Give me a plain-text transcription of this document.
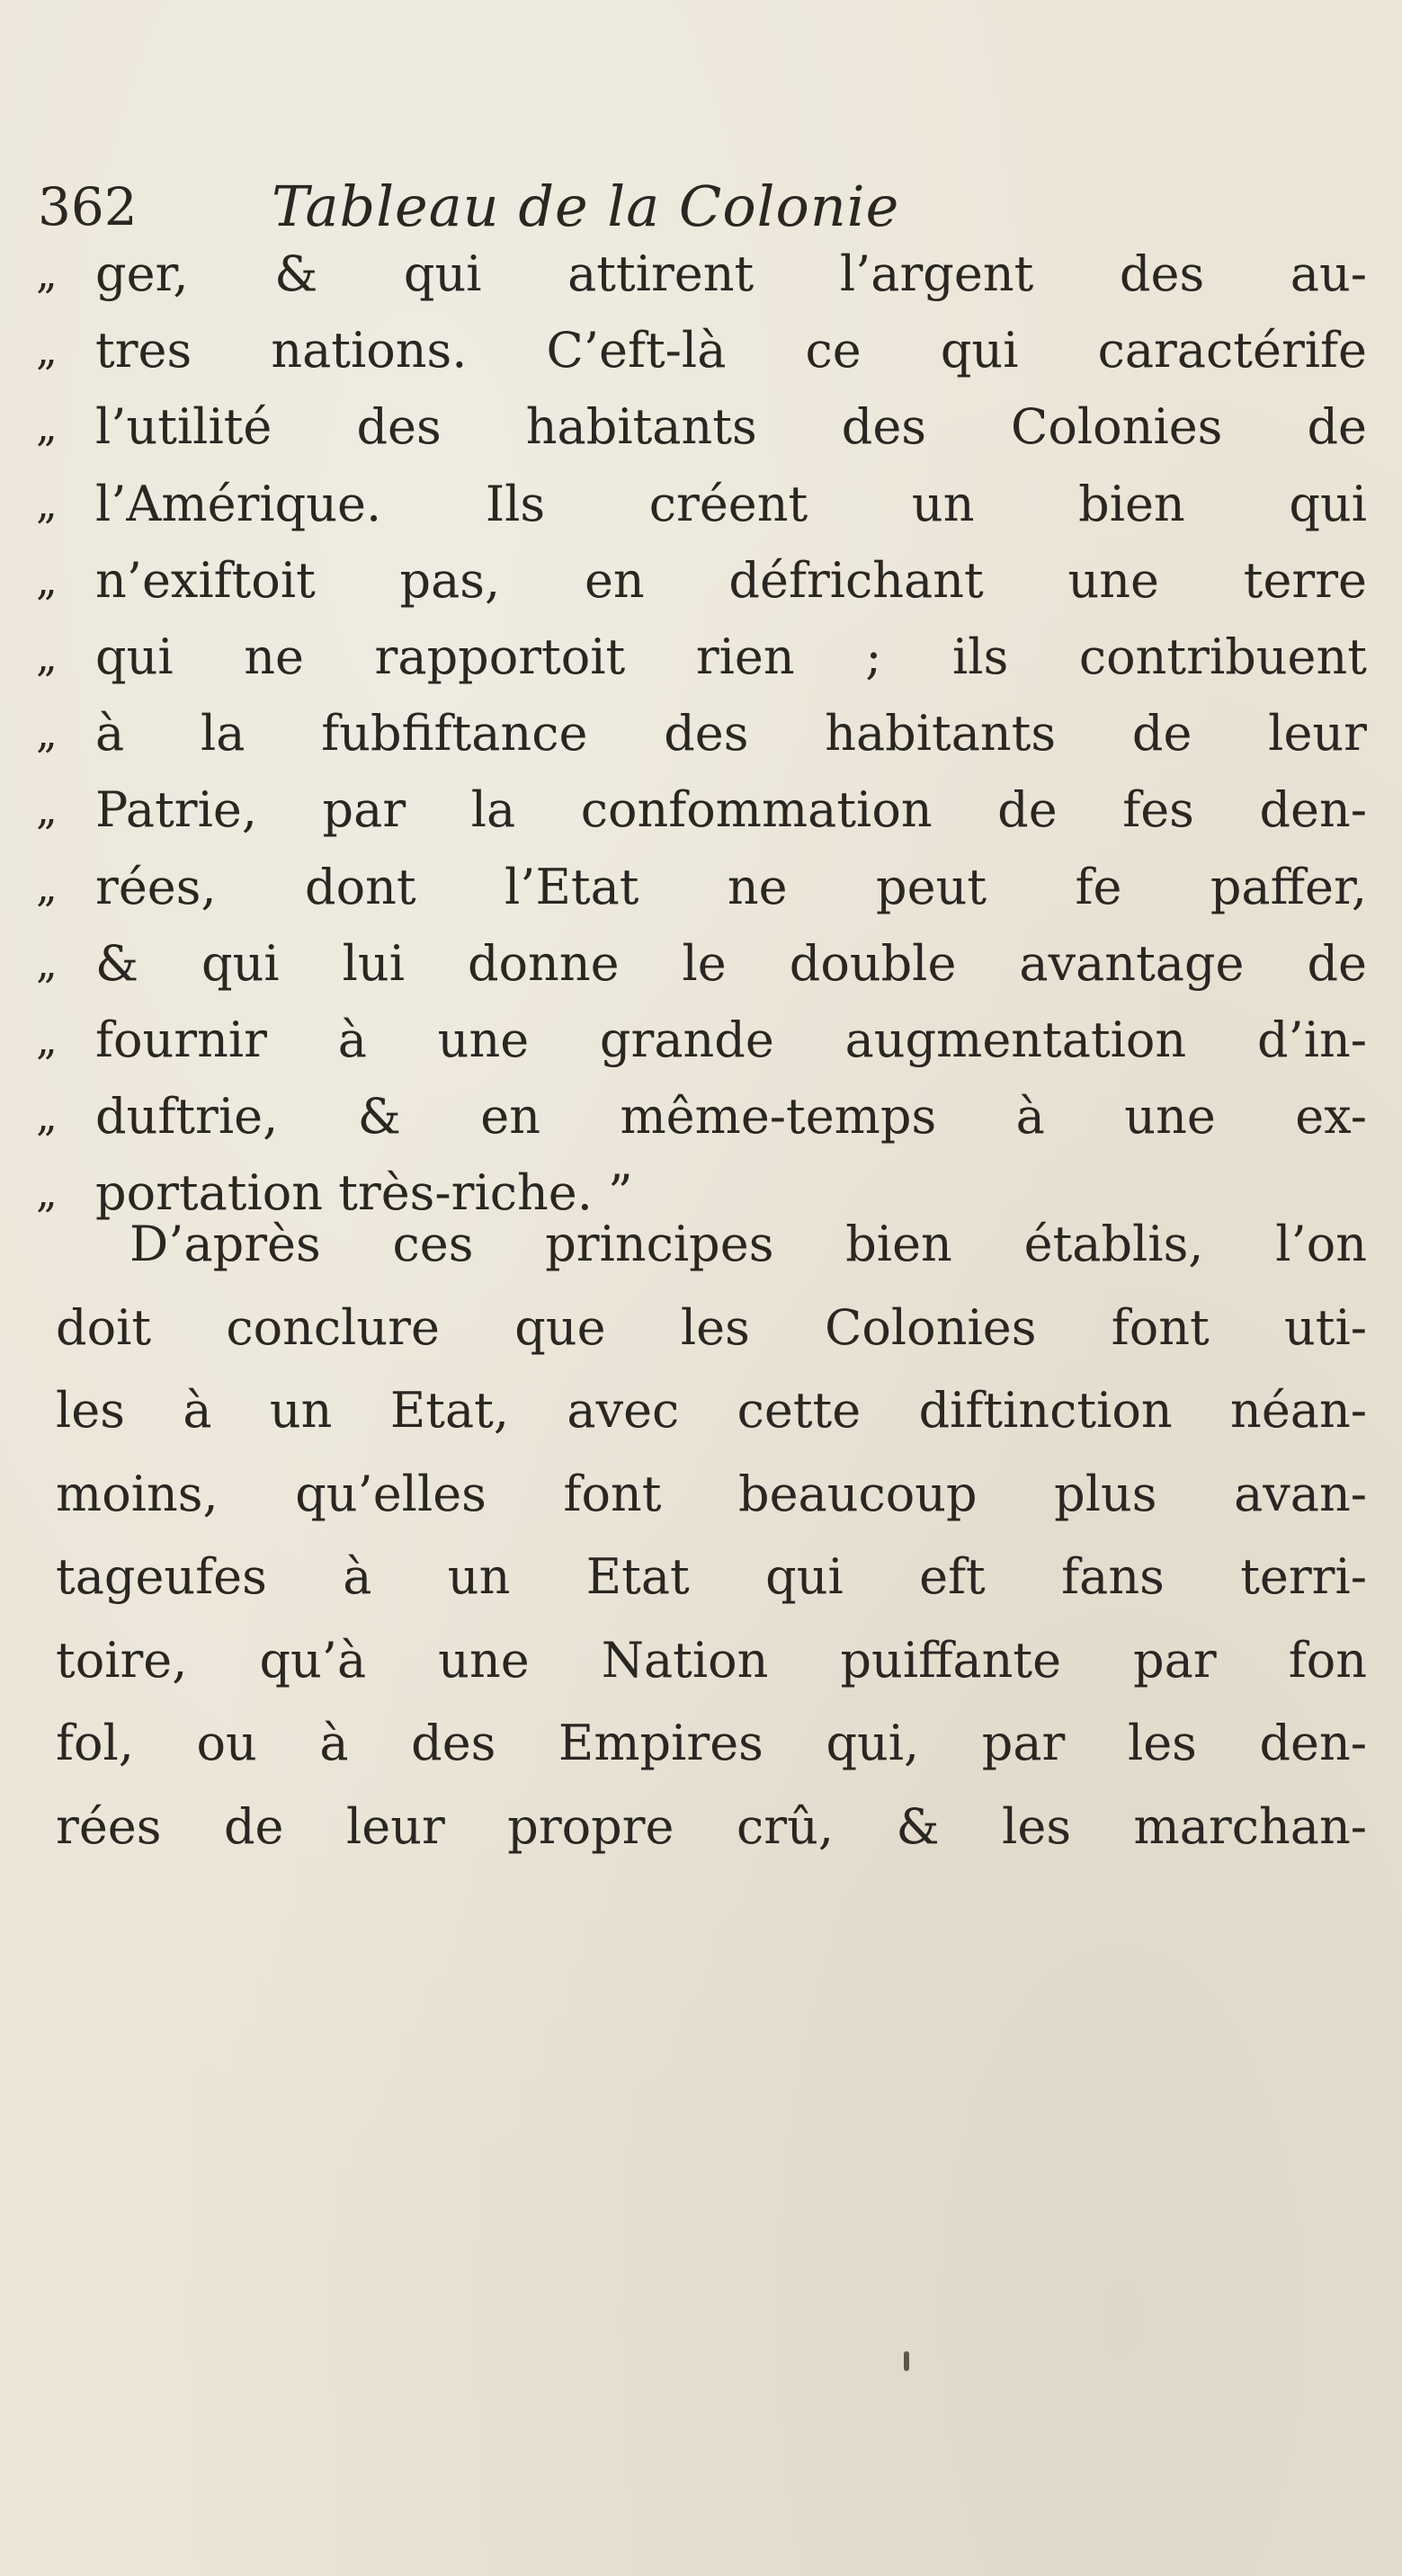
362 Tableau de la Colonie
„ ger, & qui attirent l’argent des au-
„ tres nations. C’eft-là ce qui caractérife
„ l’utilité des habitants des Colonies de
„ l’Amérique. Ils créent un bien qui
„ n’exiftoit pas, en défrichant une terre
„ qui ne rapportoit rien ; ils contribuent
„ à la fubfiftance des habitants de leur
„ Patrie, par la confommation de fes den-
„ rées, dont l’Etat ne peut fe paffer,
„ & qui lui donne le double avantage de
„ fournir à une grande augmentation d’in-
„ duftrie, & en même-temps à une ex-
„ portation très-riche. ”
D’après ces principes bien établis, l’on
doit conclure que les Colonies font uti-
les à un Etat, avec cette diftinction néan-
moins, qu’elles font beaucoup plus avan-
tageufes à un Etat qui eft fans terri-
toire, qu’à une Nation puiffante par fon
fol, ou à des Empires qui, par les den-
rées de leur propre crû, & les marchan-
